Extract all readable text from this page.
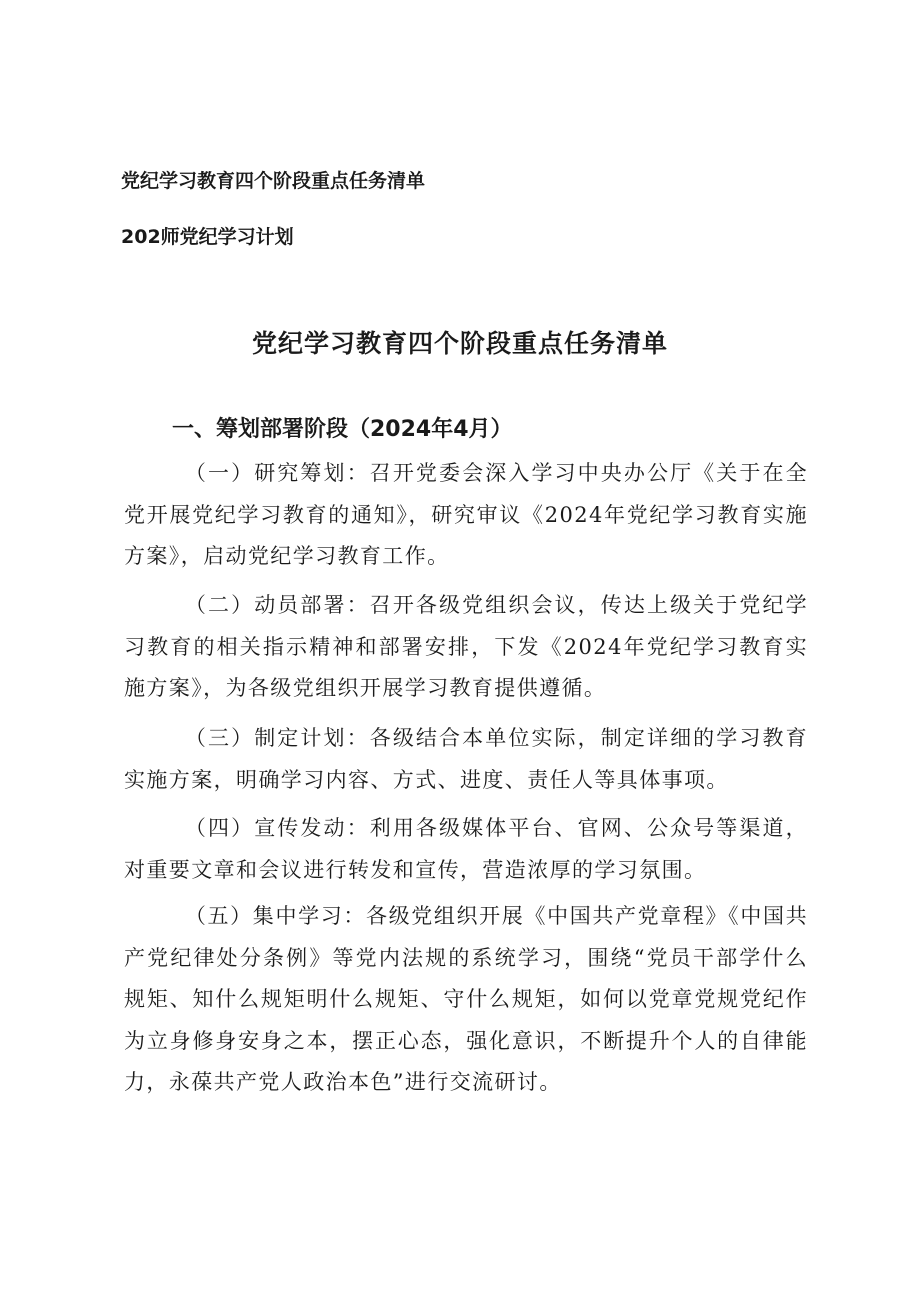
党纪学习教育四个阶段重点任务清单
202师党纪学习计划
党纪学习教育四个阶段重点任务清单
一、筹划部署阶段（2024年4月）

（一）研究筹划：召开党委会深入学习中央办公厅《关于在全党开展党纪学习教育的通知》，研究审议《2024年党纪学习教育实施方案》，启动党纪学习教育工作。

（二）动员部署：召开各级党组织会议，传达上级关于党纪学习教育的相关指示精神和部署安排，下发《2024年党纪学习教育实施方案》，为各级党组织开展学习教育提供遵循。

（三）制定计划：各级结合本单位实际，制定详细的学习教育实施方案，明确学习内容、方式、进度、责任人等具体事项。

（四）宣传发动：利用各级媒体平台、官网、公众号等渠道，对重要文章和会议进行转发和宣传，营造浓厚的学习氛围。

（五）集中学习：各级党组织开展《中国共产党章程》《中国共产党纪律处分条例》等党内法规的系统学习，围绕“党员干部学什么规矩、知什么规矩明什么规矩、守什么规矩，如何以党章党规党纪作为立身修身安身之本，摆正心态，强化意识，不断提升个人的自律能力，永葆共产党人政治本色”进行交流研讨。
